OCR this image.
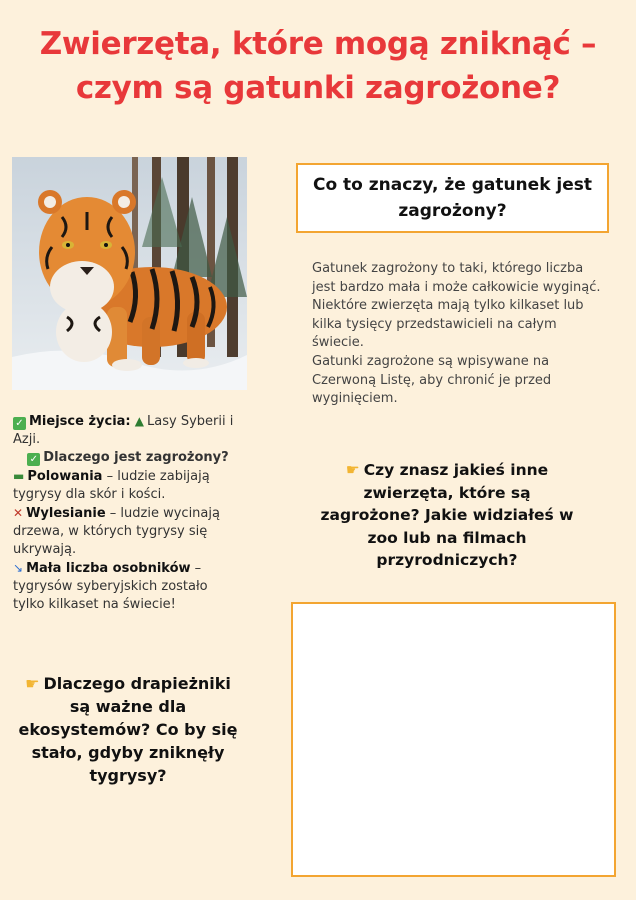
Zwierzęta, które mogą zniknąć – czym są gatunki zagrożone?

✓ Miejsce życia: ▲ Lasy Syberii i Azji.

✓ Dlaczego jest zagrożony?

▬ Polowania – ludzie zabijają tygrysy dla skór i kości.

✕ Wylesianie – ludzie wycinają drzewa, w których tygrysy się ukrywają.

↘ Mała liczba osobników – tygrysów syberyjskich zostało tylko kilkaset na świecie!

☛ Dlaczego drapieżniki są ważne dla ekosystemów? Co by się stało, gdyby zniknęły tygrysy?
Co to znaczy, że gatunek jest zagrożony?
Gatunek zagrożony to taki, którego liczba jest bardzo mała i może całkowicie wyginąć.
Niektóre zwierzęta mają tylko kilkaset lub kilka tysięcy przedstawicieli na całym świecie.
Gatunki zagrożone są wpisywane na Czerwoną Listę, aby chronić je przed wyginięciem.
☛ Czy znasz jakieś inne zwierzęta, które są zagrożone? Jakie widziałeś w zoo lub na filmach przyrodniczych?
